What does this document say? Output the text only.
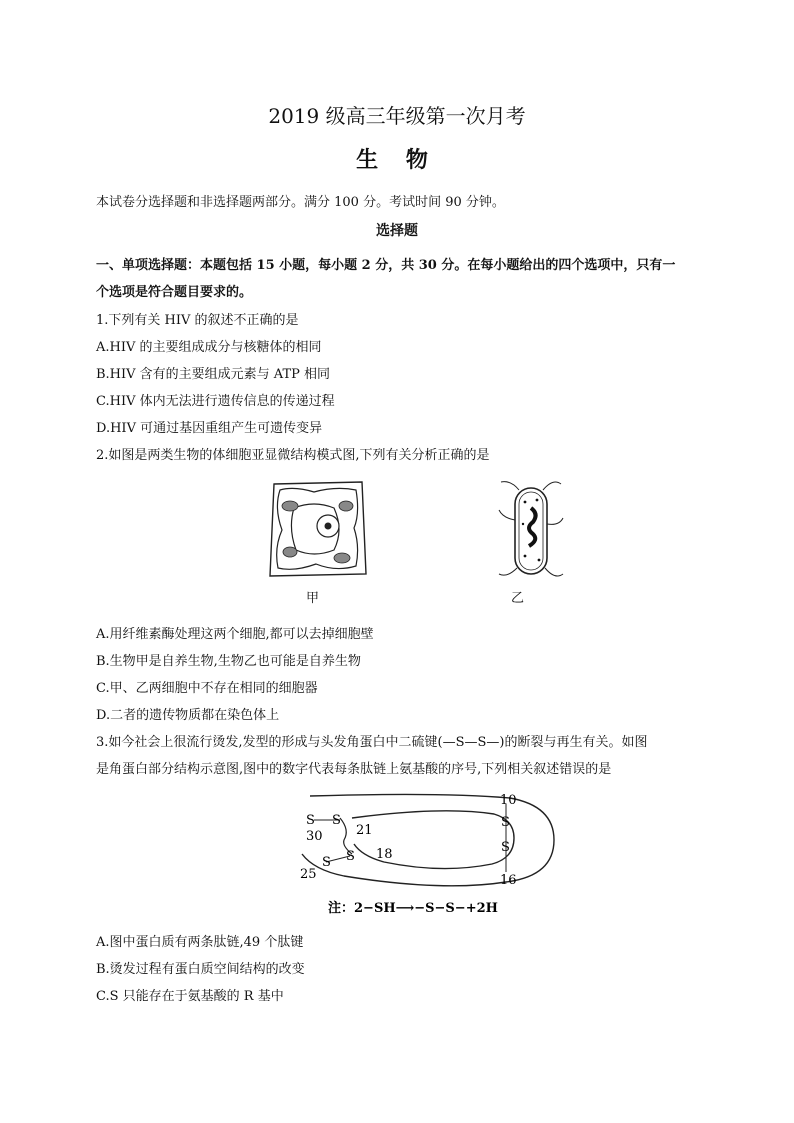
2019 级高三年级第一次月考
生 物
本试卷分选择题和非选择题两部分。满分 100 分。考试时间 90 分钟。
选择题
一、单项选择题：本题包括 15 小题，每小题 2 分，共 30 分。在每小题给出的四个选项中，只有一
个选项是符合题目要求的。
1.下列有关 HIV 的叙述不正确的是
A.HIV 的主要组成成分与核糖体的相同
B.HIV 含有的主要组成元素与 ATP 相同
C.HIV 体内无法进行遗传信息的传递过程
D.HIV 可通过基因重组产生可遗传变异
2.如图是两类生物的体细胞亚显微结构模式图,下列有关分析正确的是
甲	乙
A.用纤维素酶处理这两个细胞,都可以去掉细胞壁
B.生物甲是自养生物,生物乙也可能是自养生物
C.甲、乙两细胞中不存在相同的细胞器
D.二者的遗传物质都在染色体上
3.如今社会上很流行烫发,发型的形成与头发角蛋白中二硫键(—S—S—)的断裂与再生有关。如图
是角蛋白部分结构示意图,图中的数字代表每条肽链上氨基酸的序号,下列相关叙述错误的是
10
30	21
18
25	16
S
S
S S
S S
注：2−SH⟶−S−S−+2H
A.图中蛋白质有两条肽链,49 个肽键
B.烫发过程有蛋白质空间结构的改变
C.S 只能存在于氨基酸的 R 基中
